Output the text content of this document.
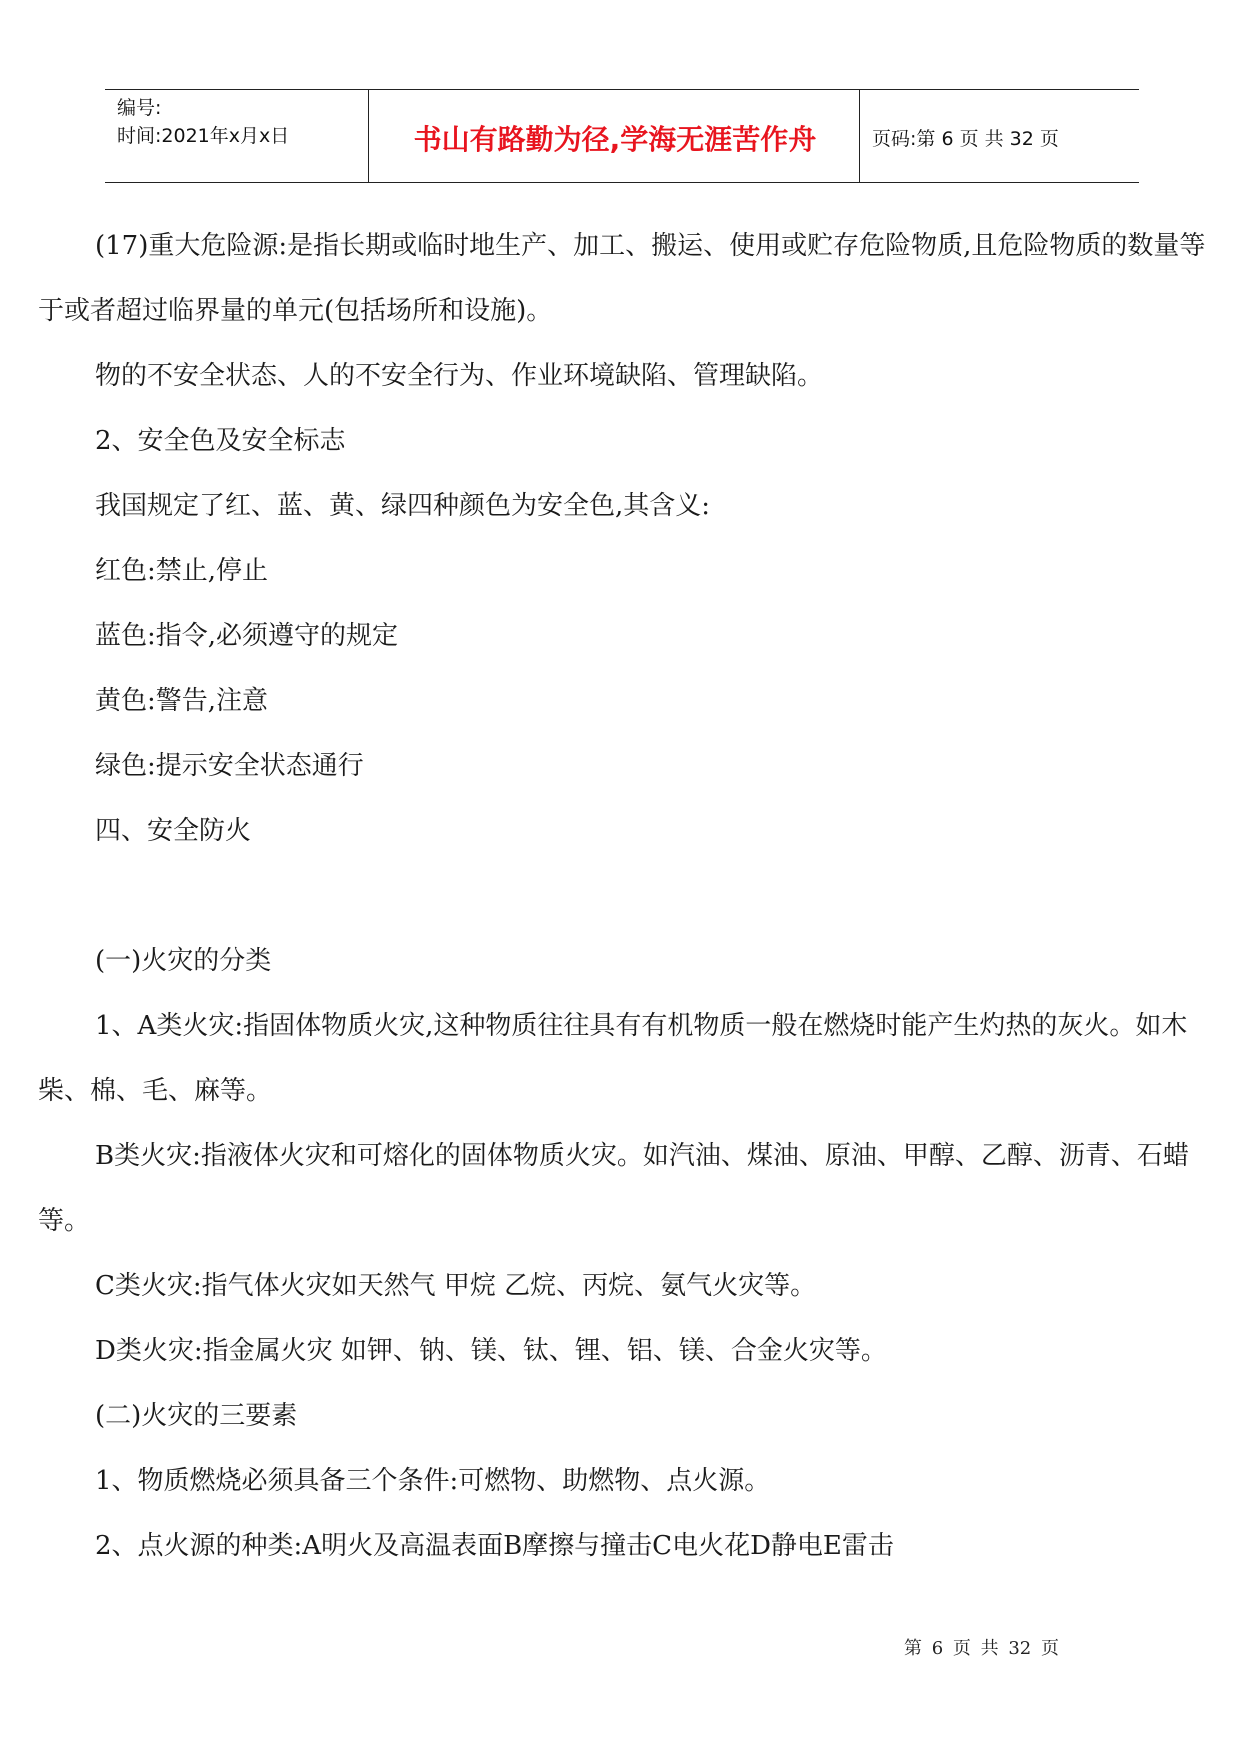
编号:
时间:2021年x月x日	书山有路勤为径,学海无涯苦作舟	页码:第 6 页 共 32 页

(17)重大危险源:是指长期或临时地生产、加工、搬运、使用或贮存危险物质,且危险物质的数量等于或者超过临界量的单元(包括场所和设施)。

物的不安全状态、人的不安全行为、作业环境缺陷、管理缺陷。

2、安全色及安全标志

我国规定了红、蓝、黄、绿四种颜色为安全色,其含义:

红色:禁止,停止

蓝色:指令,必须遵守的规定

黄色:警告,注意

绿色:提示安全状态通行

四、安全防火

(一)火灾的分类

1、A类火灾:指固体物质火灾,这种物质往往具有有机物质一般在燃烧时能产生灼热的灰火。如木柴、棉、毛、麻等。

B类火灾:指液体火灾和可熔化的固体物质火灾。如汽油、煤油、原油、甲醇、乙醇、沥青、石蜡等。

C类火灾:指气体火灾如天然气 甲烷 乙烷、丙烷、氨气火灾等。

D类火灾:指金属火灾 如钾、钠、镁、钛、锂、铝、镁、合金火灾等。

(二)火灾的三要素

1、物质燃烧必须具备三个条件:可燃物、助燃物、点火源。

2、点火源的种类:A明火及高温表面B摩擦与撞击C电火花D静电E雷击

第 6 页 共 32 页
